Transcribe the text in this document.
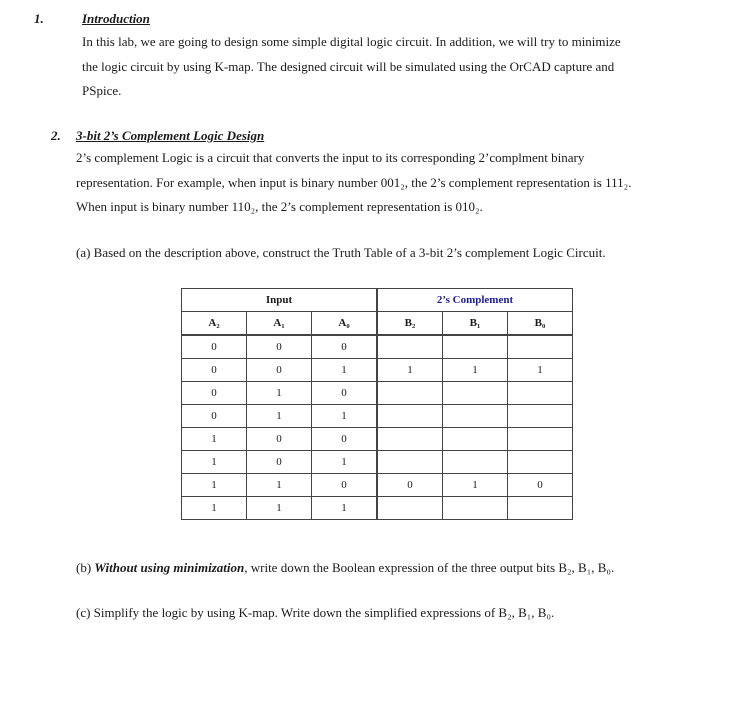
1.	Introduction
In this lab, we are going to design some simple digital logic circuit. In addition, we will try to minimize
the logic circuit by using K-map. The designed circuit will be simulated using the OrCAD capture and
PSpice.
2. 3-bit 2’s Complement Logic Design
2’s complement Logic is a circuit that converts the input to its corresponding 2’complment binary
representation. For example, when input is binary number 001₂, the 2’s complement representation is 111₂.
When input is binary number 110₂, the 2’s complement representation is 010₂.
(a) Based on the description above, construct the Truth Table of a 3-bit 2’s complement Logic Circuit.
Input			2’s Complement		
A₂	A₁	A₀	B₂	B₁	B₀
0	0	0			
0	0	1	1	1	1
0	1	0			
0	1	1			
1	0	0			
1	0	1			
1	1	0	0	1	0
1	1	1			
(b) Without using minimization, write down the Boolean expression of the three output bits B₂, B₁, B₀.
(c) Simplify the logic by using K-map. Write down the simplified expressions of B₂, B₁, B₀.
